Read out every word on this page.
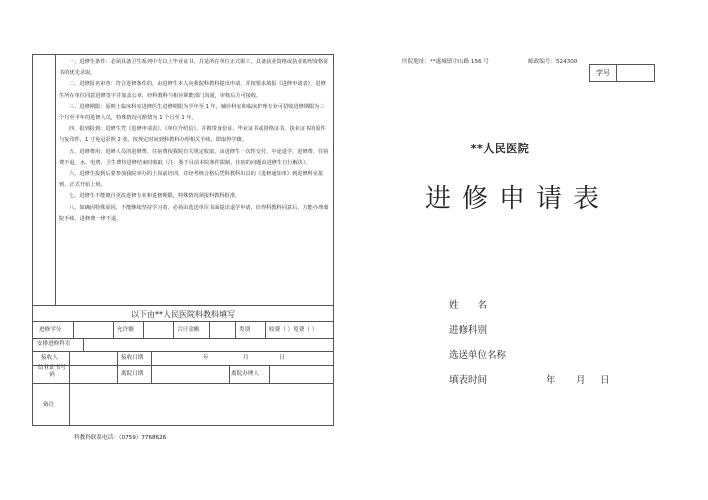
一、进修生条件：必须具备卫生系列中专以上毕业证书，并是所在单位正式职工，具备执业资格或执业助理资格证书的优先录取。

二、进修报名审查：符合进修条件的，由进修生本人向我院科教科提出申请，并按要求填报《进修申请表》，进修生所在单位同意进修签字并加盖公章，经科教科与相应职能部门沟通，审核后方可接收。

三、进修期限：原则上临床科室进修医生进修期限为半年至 1 年，辅诊科室和临床护理专业可招收进修期限为三个月至半年的进修人员，特殊情况可酌情为 1 个月至 1 年。

四、报到报到：进修生凭《进修申请表》、《单位介绍信》，并携带身份证、毕业证书或资格证书、执业证书的原件与复印件，1 寸免冠彩照 2 张，按规定时间到科教科办理相关手续，即取得学籍。

五、进修费用：进修人员的进修费、住宿费按我院有关规定收取，由进修生一次性交付，中途退学，进修费、住宿费不退。水、电费，卫生费待进修结束时收取（注：鉴于目前本院条件限制，住宿的问题由进修生自行解决）。

六、进修生报到后要参加我院举办的上岗前培训，并经考核合格后凭科教科出具的《进修通知单》到进修科室报到，正式开始上班。

七、进修生不能擅自更改进修专业和进修期限，特殊情况须报科教科批准。

八、如确因特殊原因，不能继续坚持学习者，必须由选送单位书面提出退学申请，征得科教科同意后，方能办理离院手续，进修费一律不退。

以下由**人民医院科教科填写
进修学分	允许额	合计金额	类别	收费（ ）免费（ ）
安排进修科室
接收人	接收日期	年	月	日
结业证书号码	离院日期	离院办理人
备注
科教科联系电话：（0759）7768626
医院地址：**遂城镇中山路 156 号	邮政编号：524300
学号
**人民医院
进修申请表
姓　　名
进修科别
选送单位名称
填表时间	年 月 日
